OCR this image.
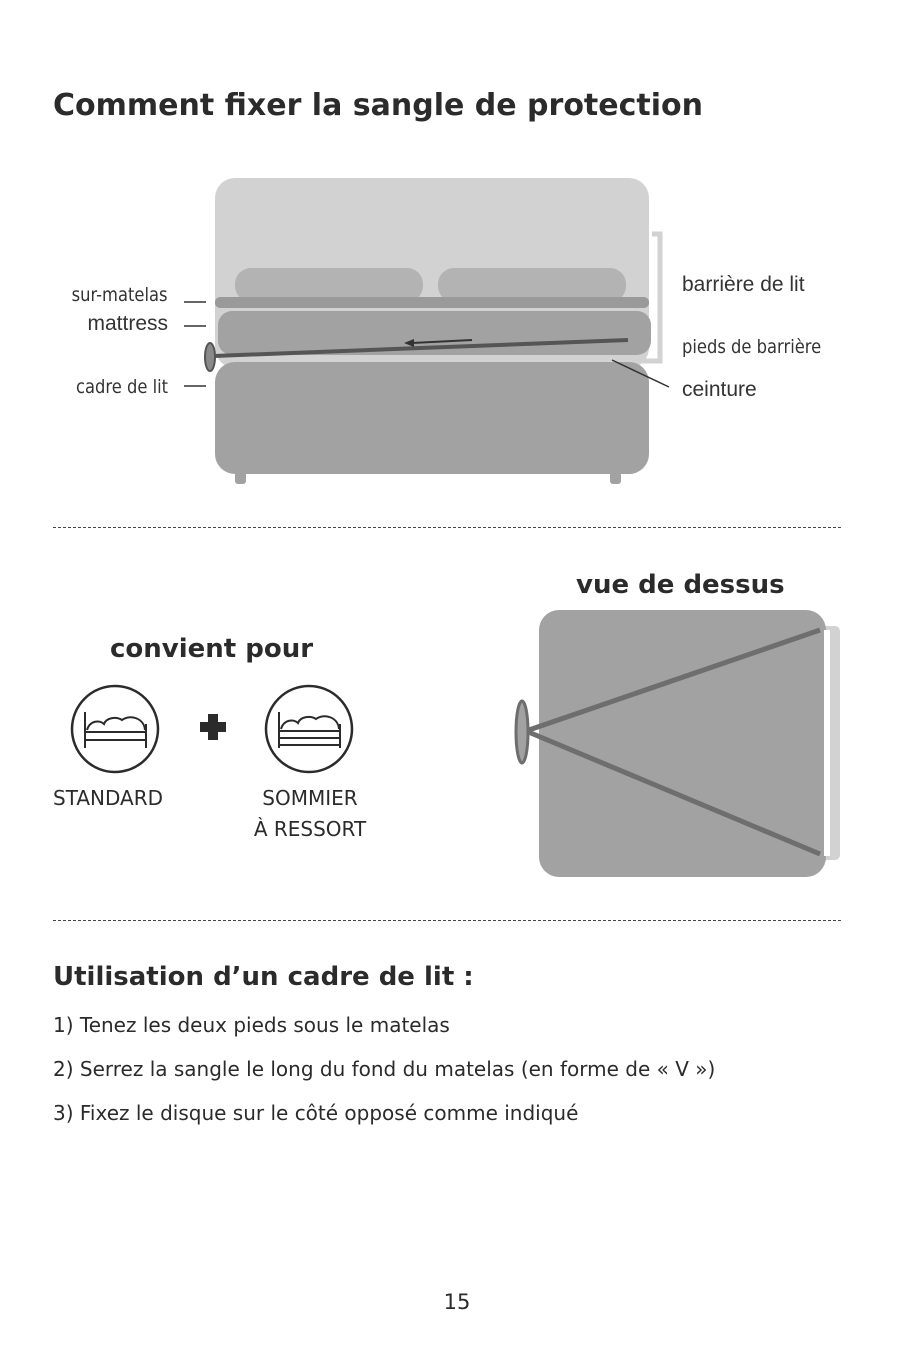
Comment fixer la sangle de protection
sur-matelas
mattress
cadre de lit
barrière de lit
pieds de barrière
ceinture
convient pour
STANDARD	SOMMIER
À RESSORT
vue de dessus
Utilisation d’un cadre de lit :
1) Tenez les deux pieds sous le matelas
2) Serrez la sangle le long du fond du matelas (en forme de « V »)
3) Fixez le disque sur le côté opposé comme indiqué
15
